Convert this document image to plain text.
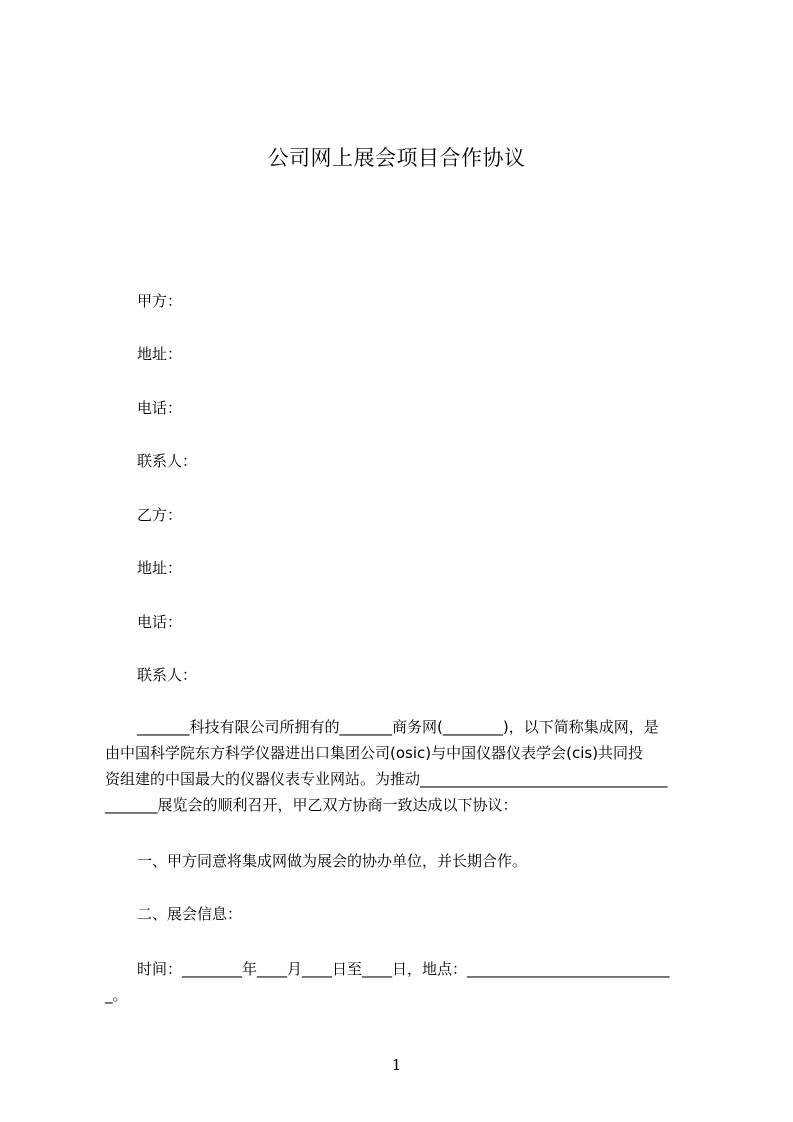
公司网上展会项目合作协议
甲方：
地址：
电话：
联系人：
乙方：
地址：
电话：
联系人：
_______科技有限公司所拥有的_______商务网(________)，以下简称集成网，是
由中国科学院东方科学仪器进出口集团公司(osic)与中国仪器仪表学会(cis)共同投
资组建的中国最大的仪器仪表专业网站。为推动_________________________________
_______展览会的顺利召开，甲乙双方协商一致达成以下协议：
一、甲方同意将集成网做为展会的协办单位，并长期合作。
二、展会信息：
时间：________年____月____日至____日，地点：___________________________
_。
1
